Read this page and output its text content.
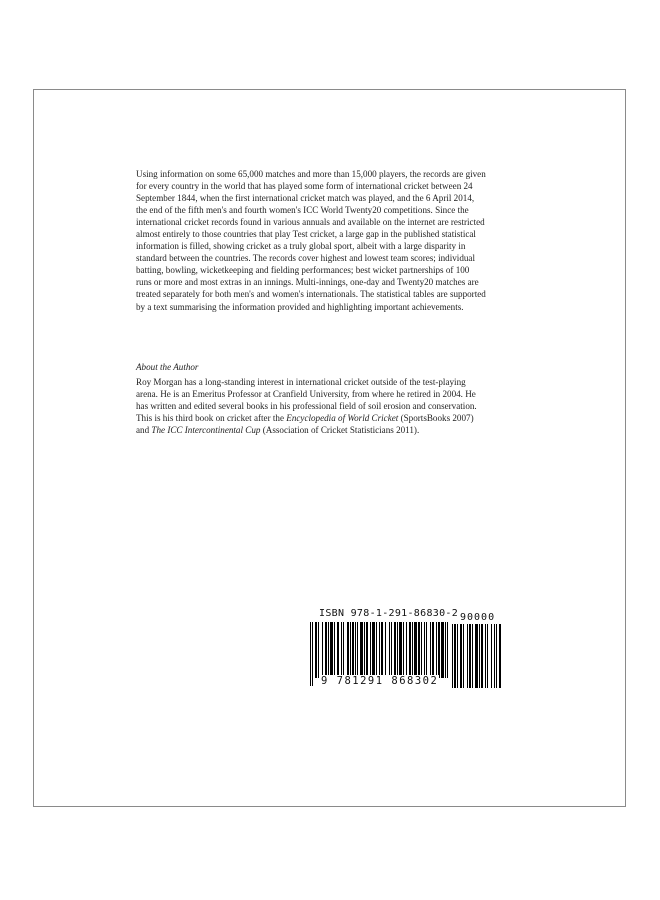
Using information on some 65,000 matches and more than 15,000 players, the records are given for every country in the world that has played some form of international cricket between 24 September 1844, when the first international cricket match was played, and the 6 April 2014, the end of the fifth men's and fourth women's ICC World Twenty20 competitions. Since the international cricket records found in various annuals and available on the internet are restricted almost entirely to those countries that play Test cricket, a large gap in the published statistical information is filled, showing cricket as a truly global sport, albeit with a large disparity in standard between the countries. The records cover highest and lowest team scores; individual batting, bowling, wicketkeeping and fielding performances; best wicket partnerships of 100 runs or more and most extras in an innings. Multi-innings, one-day and Twenty20 matches are treated separately for both men's and women's internationals. The statistical tables are supported by a text summarising the information provided and highlighting important achievements.

About the Author

Roy Morgan has a long-standing interest in international cricket outside of the test-playing arena. He is an Emeritus Professor at Cranfield University, from where he retired in 2004. He has written and edited several books in his professional field of soil erosion and conservation. This is his third book on cricket after the Encyclopedia of World Cricket (SportsBooks 2007) and The ICC Intercontinental Cup (Association of Cricket Statisticians 2011).

ISBN 978-1-291-86830-2 90000
9 781291 868302
